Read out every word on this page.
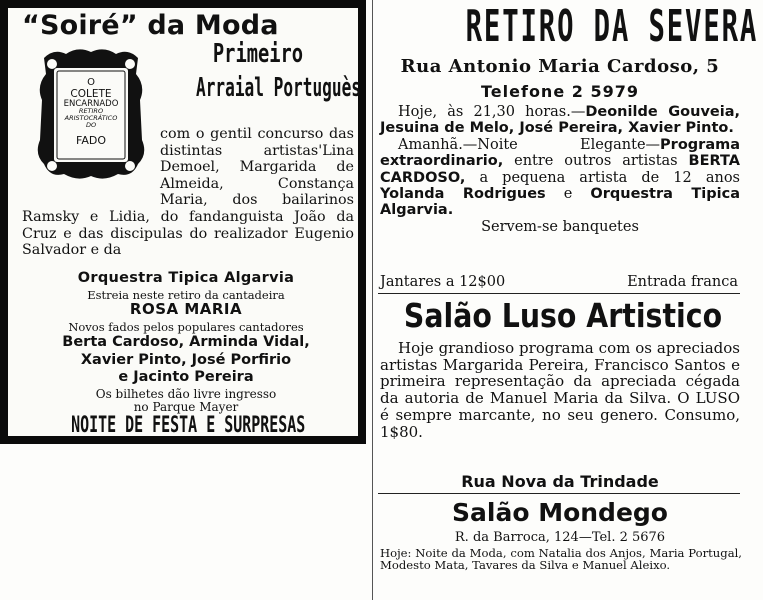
“Soiré” da Moda
O
COLETE
ENCARNADO
RETIRO
ARISTOCRÁTICO
DO
FADO
Primeiro
Arraial Portuguès
com o gentil concurso das distintas artistas'Lina Demoel, Margarida de Almeida, Constança Maria, dos bailarinos Ramsky e Lidia, do fandanguista João da Cruz e das discipulas do realizador Eugenio Salvador e da
Orquestra Tipica Algarvia
Estreia neste retiro da cantadeira
ROSA MARIA
Novos fados pelos populares cantadores
Berta Cardoso, Arminda Vidal,
Xavier Pinto, José Porfirio
e Jacinto Pereira
Os bilhetes dão livre ingresso
no Parque Mayer
NOITE DE FESTA E SURPRESAS
RETIRO DA SEVERA
Rua Antonio Maria Cardoso, 5
Telefone 2 5979

Hoje, às 21,30 horas.—Deonilde Gouveia, Jesuina de Melo, José Pereira, Xavier Pinto.

Amanhã.—Noite Elegante—Programa extraordinario, entre outros artistas BERTA CARDOSO, a pequena artista de 12 anos Yolanda Rodrigues e Orquestra Tipica Algarvia.

Servem-se banquetes

Jantares a 12$00	Entrada franca
Salão Luso Artistico
Hoje grandioso programa com os apreciados artistas Margarida Pereira, Francisco Santos e primeira representação da apreciada cégada da autoria de Manuel Maria da Silva. O LUSO é sempre marcante, no seu genero. Consumo, 1$80.
Rua Nova da Trindade
Salão Mondego
R. da Barroca, 124—Tel. 2 5676
Hoje: Noite da Moda, com Natalia dos Anjos, Maria Portugal, Modesto Mata, Tavares da Silva e Manuel Aleixo.
